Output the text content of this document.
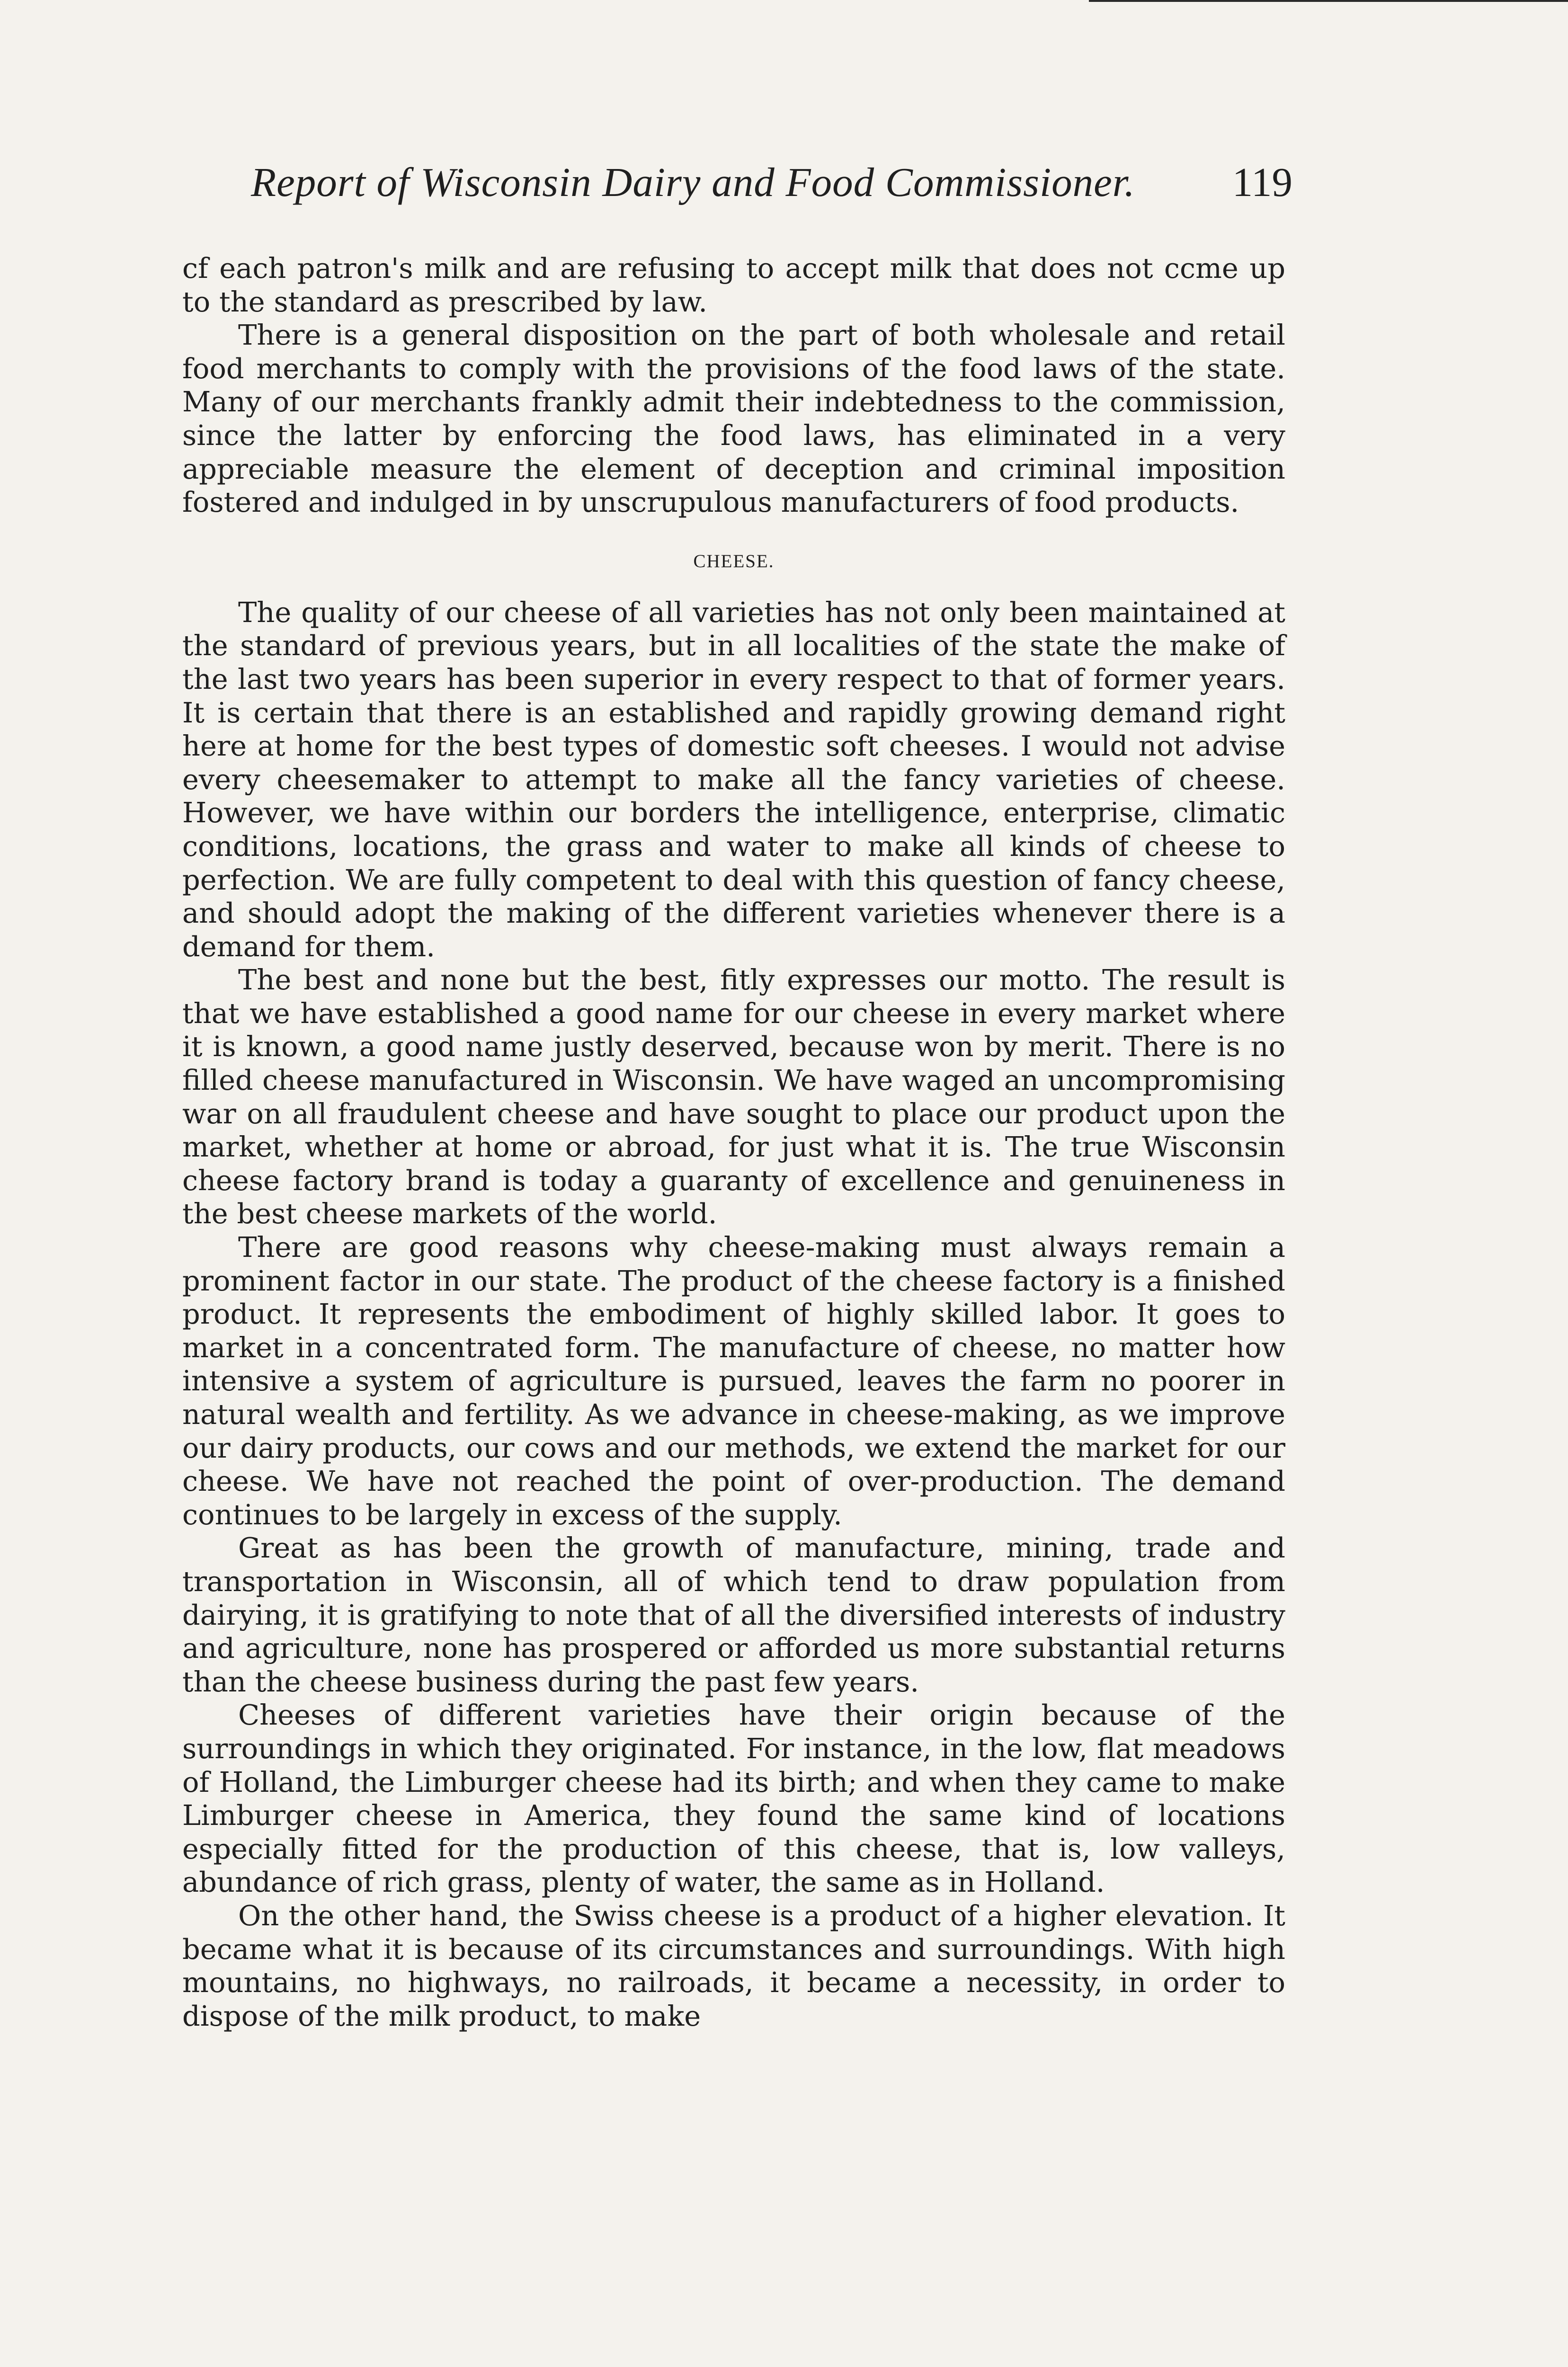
Report of Wisconsin Dairy and Food Commissioner. 119

cf each patron's milk and are refusing to accept milk that does not ccme up to the standard as prescribed by law.

There is a general disposition on the part of both wholesale and retail food merchants to comply with the provisions of the food laws of the state. Many of our merchants frankly admit their indebtedness to the commission, since the latter by enforcing the food laws, has eliminated in a very appreciable measure the element of deception and criminal imposition fostered and indulged in by unscrupulous manufacturers of food products.

CHEESE.

The quality of our cheese of all varieties has not only been maintained at the standard of previous years, but in all localities of the state the make of the last two years has been superior in every respect to that of former years. It is certain that there is an established and rapidly growing demand right here at home for the best types of domestic soft cheeses. I would not advise every cheesemaker to attempt to make all the fancy varieties of cheese. However, we have within our borders the intelligence, enterprise, climatic conditions, locations, the grass and water to make all kinds of cheese to perfection. We are fully competent to deal with this question of fancy cheese, and should adopt the making of the different varieties whenever there is a demand for them.

The best and none but the best, fitly expresses our motto. The result is that we have established a good name for our cheese in every market where it is known, a good name justly deserved, because won by merit. There is no filled cheese manufactured in Wisconsin. We have waged an uncompromising war on all fraudulent cheese and have sought to place our product upon the market, whether at home or abroad, for just what it is. The true Wisconsin cheese factory brand is today a guaranty of excellence and genuineness in the best cheese markets of the world.

There are good reasons why cheese-making must always remain a prominent factor in our state. The product of the cheese factory is a finished product. It represents the embodiment of highly skilled labor. It goes to market in a concentrated form. The manufacture of cheese, no matter how intensive a system of agriculture is pursued, leaves the farm no poorer in natural wealth and fertility. As we advance in cheese-making, as we improve our dairy products, our cows and our methods, we extend the market for our cheese. We have not reached the point of over-production. The demand continues to be largely in excess of the supply.

Great as has been the growth of manufacture, mining, trade and transportation in Wisconsin, all of which tend to draw population from dairying, it is gratifying to note that of all the diversified interests of industry and agriculture, none has prospered or afforded us more substantial returns than the cheese business during the past few years.

Cheeses of different varieties have their origin because of the surroundings in which they originated. For instance, in the low, flat meadows of Holland, the Limburger cheese had its birth; and when they came to make Limburger cheese in America, they found the same kind of locations especially fitted for the production of this cheese, that is, low valleys, abundance of rich grass, plenty of water, the same as in Holland.

On the other hand, the Swiss cheese is a product of a higher elevation. It became what it is because of its circumstances and surroundings. With high mountains, no highways, no railroads, it became a necessity, in order to dispose of the milk product, to make
